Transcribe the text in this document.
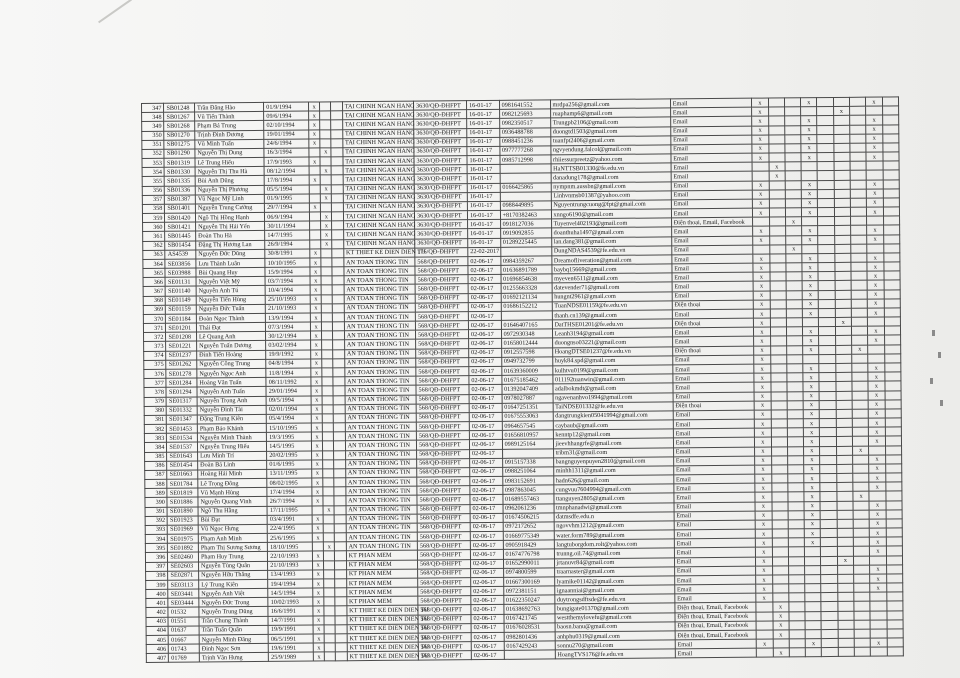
347	SB01248	Trần Đăng Hào	01/9/1994	x			TAI CHINH NGAN HANG	3630/QĐ-ĐHFPT	16-01-17	0981641552	mrdpa256@gmail.com	Email	x			x				x	
348	SB01267	Vũ Tiến Thành	09/6/1994	x			TAI CHINH NGAN HANG	3630/QĐ-ĐHFPT	16-01-17	0982125693	ruaphamp6@gmail.com	Email	x					x			
349	SB01268	Phạm Bá Trung	02/10/1994	x			TAI CHINH NGAN HANG	3630/QĐ-ĐHFPT	16-01-17	0982350517	Trungpb2106@gmail.com	Email	x			x				x	
350	SB01270	Trịnh Đình Dương	19/01/1994	x			TAI CHINH NGAN HANG	3630/QĐ-ĐHFPT	16-01-17	0936488788	duongtd1503@gmail.com	Email	x			x				x	
351	SB01275	Vũ Minh Tuấn	24/6/1994	x			TAI CHINH NGAN HANG	3630/QĐ-ĐHFPT	16-01-17	0988451236	tuanfpt2406@gmail.com	Email	x			x				x	
352	SB01290	Nguyễn Thị Dung	16/3/1994		x		TAI CHINH NGAN HANG	3630/QĐ-ĐHFPT	16-01-17	0977777268	ngvyendung.falcol@gmail.com	Email	x			x				x	
353	SB01319	Lê Trung Hiếu	17/9/1993	x			TAI CHINH NGAN HANG	3630/QĐ-ĐHFPT	16-01-17	0985712998	rhiiessurpreetz@yahoo.com	Email	x			x				x	
354	SB01330	Nguyễn Thị Thu Hà	08/12/1994		x		TAI CHINH NGAN HANG	3630/QĐ-ĐHFPT	16-01-17		HaNTTSB01330@fe.edu.vn	Email		x							
355	SB01335	Bùi Anh Dũng	17/8/1994	x			TAI CHINH NGAN HANG	3630/QĐ-ĐHFPT	16-01-17		danadung178@gmail.com	Email		x							
356	SB01336	Nguyễn Thị Phương	05/5/1994		x		TAI CHINH NGAN HANG	3630/QĐ-ĐHFPT	16-01-17	0166425865	nympnm.aussbn@gmail.com	Email	x			x				x	
357	SB01387	Vũ Ngọc Mỹ Linh	01/9/1995		x		TAI CHINH NGAN HANG	3630/QĐ-ĐHFPT	16-01-17		Linhvnmsb01387@yahoo.com	Email	x			x				x	
358	SB01401	Nguyễn Trung Cường	29/7/1994	x			TAI CHINH NGAN HANG	3630/QĐ-ĐHFPT	16-01-17	0988449895	Nguyentrungcuong@fpt@gmail.com	Email	x			x				x	
359	SB01420	Ngô Thị Hồng Hạnh	06/9/1994		x		TAI CHINH NGAN HANG	3630/QĐ-ĐHFPT	16-01-17	+8170382463	xnngo6190@gmail.com	Email	x			x				x	
360	SB01421	Nguyễn Thị Hải Yến	30/11/1994		x		TAI CHINH NGAN HANG	3630/QĐ-ĐHFPT	16-01-17	0918127036	Tuyenvel402193@gmail.com	Điện thoại, Email, Facebook			x						
361	SB01445	Đoàn Thu Hà	14/7/1995		x		TAI CHINH NGAN HANG	3630/QĐ-ĐHFPT	16-01-17	0919092855	doanthuha1497@gmail.com	Email	x			x				x	
362	SB01454	Đặng Thị Hương Lan	26/9/1994		x		TAI CHINH NGAN HANG	3630/QĐ-ĐHFPT	16-01-17	01289225445	lan.dang381@gmail.com	Email	x			x				x	
363	AS4539	Nguyễn Đức Dũng	30/8/1991	x			KT THIET KE DIEN DIEN TU	176/QĐ-ĐHFPT	22-02-2017		DungNDAS4539@fe.edu.vn	Email			x						
364	SE03856	Lưu Thành Luân	10/10/1995	x			AN TOAN THONG TIN	568/QĐ-ĐHFPT	02-06-17	0984359267	Dreamofliveration@gmail.com	Email	x			x				x	
365	SE03988	Bùi Quang Huy	15/9/1994	x			AN TOAN THONG TIN	568/QĐ-ĐHFPT	02-06-17	01636891789	baybq15669@gmail.com	Email	x			x				x	
366	SE01131	Nguyễn Việt Mỹ	03/7/1994	x			AN TOAN THONG TIN	568/QĐ-ĐHFPT	02-06-17	01696854638	myeven6511@gmail.com	Email	x			x				x	
367	SE01140	Nguyễn Anh Tú	10/4/1994	x			AN TOAN THONG TIN	568/QĐ-ĐHFPT	02-06-17	01255663328	datevender71@gmail.com	Email	x			x				x	
368	SE01149	Nguyễn Tiến Hùng	25/10/1993	x			AN TOAN THONG TIN	568/QĐ-ĐHFPT	02-06-17	01692121134	hungnt2961@gmail.com	Email	x			x				x	
369	SE01159	Nguyễn Đức Tuấn	21/10/1993	x			AN TOAN THONG TIN	568/QĐ-ĐHFPT	02-06-17	01686152212	TuanNDSE01159@fe.edu.vn	Điện thoại	x			x				x	
370	SE01184	Đoàn Ngọc Thành	13/9/1994	x			AN TOAN THONG TIN	568/QĐ-ĐHFPT	02-06-17		thanh.cn139@gmail.com	Email	x			x				x	
371	SE01201	Thái Đạt	07/3/1994	x			AN TOAN THONG TIN	568/QĐ-ĐHFPT	02-06-17	01646407165	DatTHSE01201@fe.edu.vn	Điện thoại	x					x			
372	SE01208	Lê Quang Anh	30/12/1994	x			AN TOAN THONG TIN	568/QĐ-ĐHFPT	02-06-17	0972930348	Leanh3194@gmail.com	Email	x			x				x	
373	SE01221	Nguyễn Tuấn Dương	03/02/1994	x			AN TOAN THONG TIN	568/QĐ-ĐHFPT	02-06-17	01658012444	duongnso03221@gmail.com	Email	x			x				x	
374	SE01237	Đinh Tiến Hoàng	19/9/1992	x			AN TOAN THONG TIN	568/QĐ-ĐHFPT	02-06-17	0912557598	HoangDTSE01237@fe.edu.vn	Điện thoại	x			x			x		
375	SE01262	Nguyễn Công Trung	04/8/1994	x			AN TOAN THONG TIN	568/QĐ-ĐHFPT	02-06-17	0949732799	huyk84.spd@gmail.com	Email	x								
376	SE01278	Nguyễn Ngọc Anh	11/8/1994	x			AN TOAN THONG TIN	568/QĐ-ĐHFPT	02-06-17	01639360009	kulhtvu0199@gmail.com	Email	x			x				x	
377	SE01284	Hoàng Văn Tuấn	08/11/1992	x			AN TOAN THONG TIN	568/QĐ-ĐHFPT	02-06-17	01675185462	011192tuanwin@gmail.com	Email	x			x				x	
378	SE01294	Nguyễn Anh Tuấn	29/01/1994	x			AN TOAN THONG TIN	568/QĐ-ĐHFPT	02-06-17	01392047409	adalbokmdt@gmail.com	Email	x			x				x	
379	SE01317	Nguyễn Trọng Anh	09/5/1994	x			AN TOAN THONG TIN	568/QĐ-ĐHFPT	02-06-17	0978027887	ngavenanhvo1994@gmail.com	Email	x			x				x	
380	SE01332	Nguyễn Đình Tài	02/01/1994	x			AN TOAN THONG TIN	568/QĐ-ĐHFPT	02-06-17	01647251351	TaiNDSE01332@fe.edu.vn	Điện thoại	x			x				x	
381	SE01347	Đặng Trung Kiên	05/4/1994	x			AN TOAN THONG TIN	568/QĐ-ĐHFPT	02-06-17	01675553063	dangtrungkien05041994@gmail.com	Email	x			x				x	
382	SE01453	Phạm Bảo Khánh	15/10/1995	x			AN TOAN THONG TIN	568/QĐ-ĐHFPT	02-06-17	0964657545	caybaub@gmail.com	Email	x			x				x	
383	SE01534	Nguyễn Minh Thành	19/3/1995	x			AN TOAN THONG TIN	568/QĐ-ĐHFPT	02-06-17	01656810957	kenntp12@gmail.com	Email	x			x				x	
384	SE01537	Nguyễn Trung Hiếu	14/5/1995	x			AN TOAN THONG TIN	568/QĐ-ĐHFPT	02-06-17	0989125164	jieevhhangrfe@gmail.com	Email	x			x				x	
385	SE01643	Lưu Minh Trí	20/02/1995	x			AN TOAN THONG TIN	568/QĐ-ĐHFPT	02-06-17		tribm31@gmail.com	Email	x			x			x		
386	SE01454	Đoàn Bá Linh	01/6/1995	x			AN TOAN THONG TIN	568/QĐ-ĐHFPT	02-06-17	0915157338	bangnguyenpuyen2810@gmail.com	Email	x			x				x	
387	SE01663	Hoàng Hải Minh	13/11/1995	x			AN TOAN THONG TIN	568/QĐ-ĐHFPT	02-06-17	0988251064	minhh1311@gmail.com	Email	x			x				x	
388	SE01784	Lê Trọng Đông	08/02/1995	x			AN TOAN THONG TIN	568/QĐ-ĐHFPT	02-06-17	0983152691	hadn626@gmail.com	Email	x			x				x	
389	SE01819	Vũ Mạnh Hùng	17/4/1994	x			AN TOAN THONG TIN	568/QĐ-ĐHFPT	02-06-17	0987863045	cungvuu7604994@gmail.com	Email	x			x				x	
390	SE01886	Nguyễn Quang Vinh	26/7/1994	x			AN TOAN THONG TIN	568/QĐ-ĐHFPT	02-06-17	01689557463	ttanguyen2805@gmail.com	Email	x			x			x		
391	SE01890	Ngô Thu Hằng	17/11/1995		x		AN TOAN THONG TIN	568/QĐ-ĐHFPT	02-06-17	0962061236	tmnphanadwi@gmail.com	Email	x			x				x	
392	SE01923	Bùi Đạt	03/4/1991	x			AN TOAN THONG TIN	568/QĐ-ĐHFPT	02-06-17	01674506215	datmsdfe.edu.n	Email	x			x				x	
393	SE01969	Vũ Ngọc Hưng	22/4/1995	x			AN TOAN THONG TIN	568/QĐ-ĐHFPT	02-06-17	0972172652	ngovvhm1212@gmail.com	Email	x			x				x	
394	SE01975	Phạm Anh Minh	25/6/1995	x			AN TOAN THONG TIN	568/QĐ-ĐHFPT	02-06-17	01669775349	water.form789@gmail.com	Email	x			x				x	
395	SE01892	Phạm Thị Sương Sương	18/10/1995		x		AN TOAN THONG TIN	568/QĐ-ĐHFPT	02-06-17	0905918429	langtuborgdom.rolt@yahoo.com	Email	x			x				x	
396	SE02460	Phạm Huy Trung	22/10/1993	x			KT PHAN MEM	568/QĐ-ĐHFPT	02-06-17	01674776798	trunng.oil.74@gmail.com	Email	x							x	
397	SE02603	Nguyễn Tùng Quân	21/10/1993	x			KT PHAN MEM	568/QĐ-ĐHFPT	02-06-17	01652990011	jrtanuvr84@gmail.com	Email	x					x			
398	SE02871	Nguyễn Hữu Thắng	13/4/1993	x			KT PHAN MEM	568/QĐ-ĐHFPT	02-06-17	0974800599	traarnaster@gmail.com	Email	x							x	
399	SE03113	Lý Trung Kiên	19/4/1994	x			KT PHAN MEM	568/QĐ-ĐHFPT	02-06-17	01667300169	lyamike01142@gmail.com	Email	x							x	
400	SE03441	Nguyễn Anh Việt	14/5/1994	x			KT PHAN MEM	568/QĐ-ĐHFPT	02-06-17	0972381151	ignaanniai@gmail.com	Email	x							x	
401	SE03444	Nguyễn Đức Trọng	10/02/1993	x			KT PHAN MEM	568/QĐ-ĐHFPT	02-06-17	01622350247	duytrongsdftsde@fe.edu.vn	Email	x								
402	01532	Nguyễn Trung Dũng	16/6/1991	x			KT THIET KE DIEN DIEN TU	568/QĐ-ĐHFPT	02-06-17	01638692763	bungigate01370@gmail.com	Điện thoại, Email, Facebook		x							
403	01551	Trần Chung Thành	14/7/1991	x			KT THIET KE DIEN DIEN TU	568/QĐ-ĐHFPT	02-06-17	0167421745	westthemylovefu@gmail.com	Điện thoại, Email, Facebook		x							
404	01637	Trần Tuấn Quân	19/9/1991	x			KT THIET KE DIEN DIEN TU	568/QĐ-ĐHFPT	02-06-17	01676028531	baosn.banu@gmail.com	Điện thoại, Email, Facebook		x							
405	01667	Nguyễn Minh Đăng	06/5/1991	x			KT THIET KE DIEN DIEN TU	568/QĐ-ĐHFPT	02-06-17	0982801436	anhphu0319@gmail.com	Điện thoại, Email, Facebook		x							
406	01743	Đinh Ngọc Sơn	19/6/1991	x			KT THIET KE DIEN DIEN TU	568/QĐ-ĐHFPT	02-06-17	0167429243	sonnu270@gmail.com	Email	x			x				x	
407	01769	Trịnh Văn Hưng	25/9/1989	x			KT THIET KE DIEN DIEN TU	568/QĐ-ĐHFPT	02-06-17		HoangTVS176@fe.edu.vn	Email		x							
